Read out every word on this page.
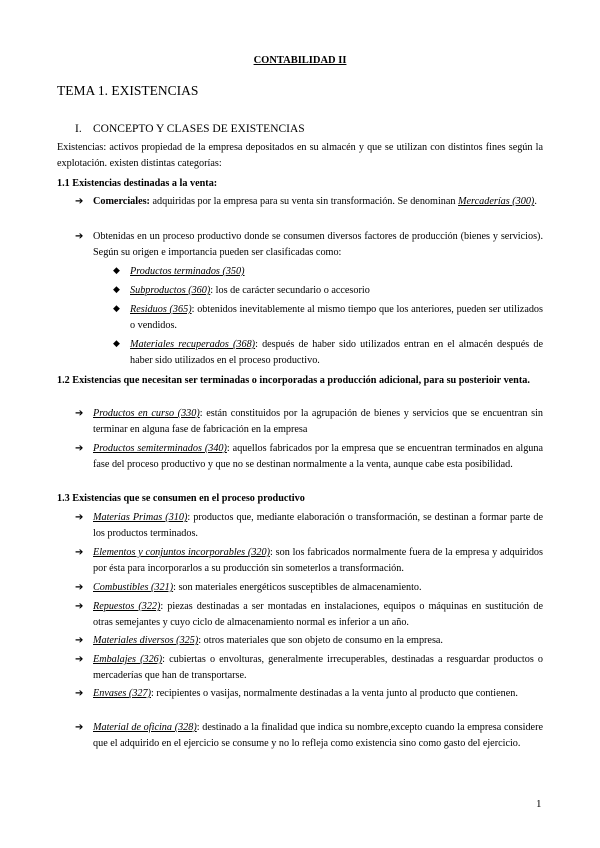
CONTABILIDAD II
TEMA 1. EXISTENCIAS
I. CONCEPTO Y CLASES DE EXISTENCIAS
Existencias: activos propiedad de la empresa depositados en su almacén y que se utilizan con distintos fines según la explotación. existen distintas categorías:
1.1 Existencias destinadas a la venta:
➔ Comerciales: adquiridas por la empresa para su venta sin transformación. Se denominan Mercaderías (300).
➔ Obtenidas en un proceso productivo donde se consumen diversos factores de producción (bienes y servicios). Según su origen e importancia pueden ser clasificadas como:
◆ Productos terminados (350)
◆ Subproductos (360): los de carácter secundario o accesorio
◆ Residuos (365): obtenidos inevitablemente al mismo tiempo que los anteriores, pueden ser utilizados o vendidos.
◆ Materiales recuperados (368): después de haber sido utilizados entran en el almacén después de haber sido utilizados en el proceso productivo.
1.2 Existencias que necesitan ser terminadas o incorporadas a producción adicional, para su posterioir venta.
➔ Productos en curso (330): están constituidos por la agrupación de bienes y servicios que se encuentran sin terminar en alguna fase de fabricación en la empresa
➔ Productos semiterminados (340): aquellos fabricados por la empresa que se encuentran terminados en alguna fase del proceso productivo y que no se destinan normalmente a la venta, aunque cabe esta posibilidad.
1.3 Existencias que se consumen en el proceso productivo
➔ Materias Primas (310): productos que, mediante elaboración o transformación, se destinan a formar parte de los productos terminados.
➔ Elementos y conjuntos incorporables (320): son los fabricados normalmente fuera de la empresa y adquiridos por ésta para incorporarlos a su producción sin someterlos a transformación.
➔ Combustibles (321): son materiales energéticos susceptibles de almacenamiento.
➔ Repuestos (322): piezas destinadas a ser montadas en instalaciones, equipos o máquinas en sustitución de otras semejantes y cuyo ciclo de almacenamiento normal es inferior a un año.
➔ Materiales diversos (325): otros materiales que son objeto de consumo en la empresa.
➔ Embalajes (326): cubiertas o envolturas, generalmente irrecuperables, destinadas a resguardar productos o mercaderías que han de transportarse.
➔ Envases (327): recipientes o vasijas, normalmente destinadas a la venta junto al producto que contienen.
➔ Material de oficina (328): destinado a la finalidad que indica su nombre,excepto cuando la empresa considere que el adquirido en el ejercicio se consume y no lo refleja como existencia sino como gasto del ejercicio.
1
